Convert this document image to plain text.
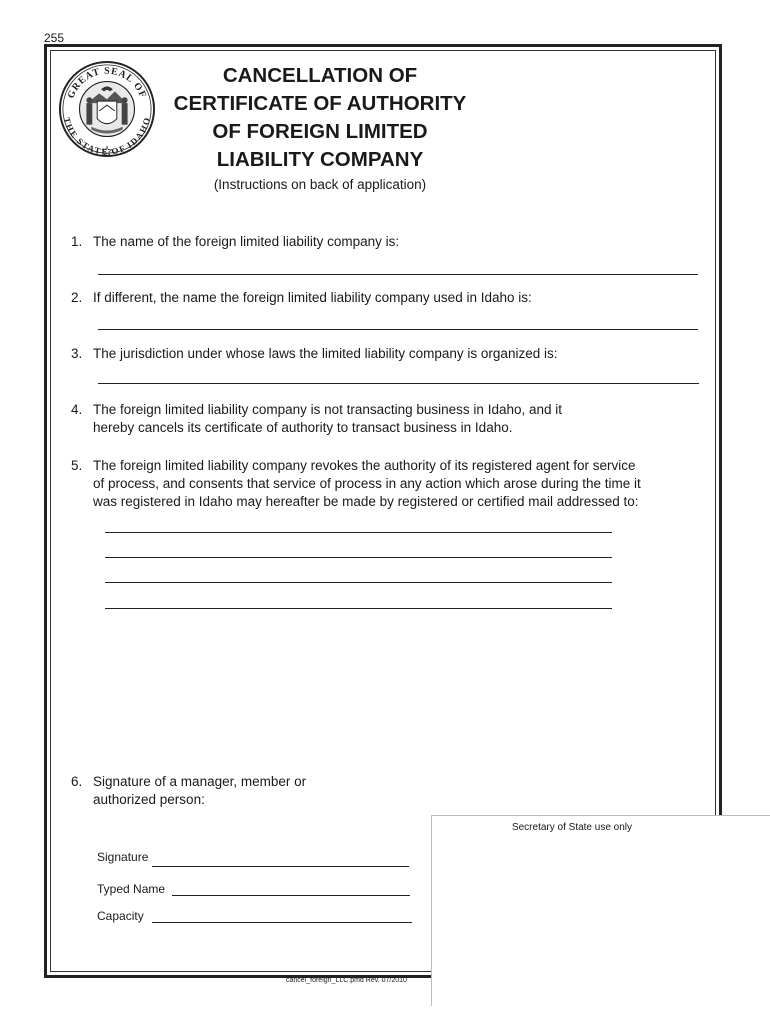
255
GREAT SEAL OF
THE STATE OF IDAHO
CANCELLATION OF
CERTIFICATE OF AUTHORITY
OF FOREIGN LIMITED
LIABILITY COMPANY
(Instructions on back of application)
1. The name of the foreign limited liability company is:
2. If different, the name the foreign limited liability company used in Idaho is:
3. The jurisdiction under whose laws the limited liability company is organized is:
4. The foreign limited liability company is not transacting business in Idaho, and it
hereby cancels its certificate of authority to transact business in Idaho.
5. The foreign limited liability company revokes the authority of its registered agent for service
of process, and consents that service of process in any action which arose during the time it
was registered in Idaho may hereafter be made by registered or certified mail addressed to:
6. Signature of a manager, member or
authorized person:
Signature
Typed Name
Capacity
Secretary of State use only
cancel_foreign_LLC.pmd Rev. 07/2010
